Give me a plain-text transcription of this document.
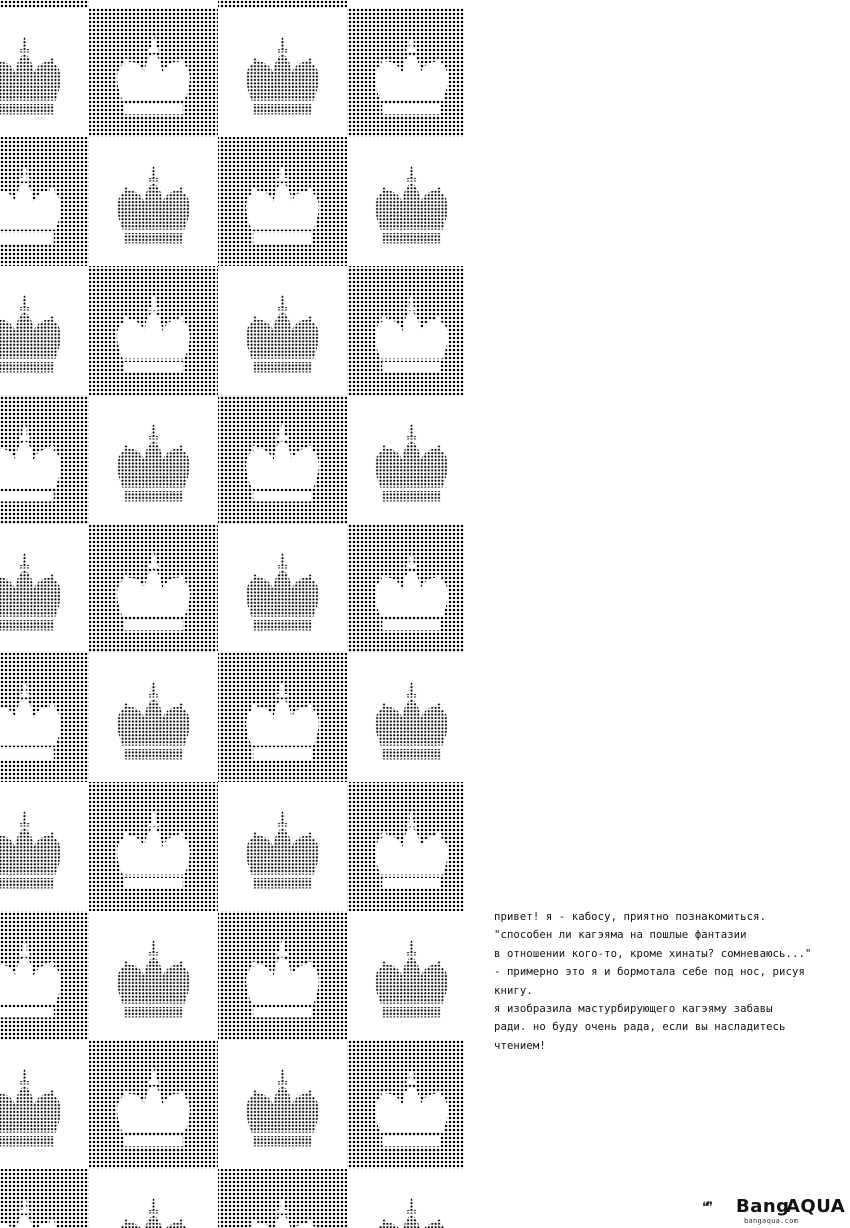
привет! я - кабосу, приятно познакомиться.
"способен ли кагэяма на пошлые фантазии
в отношении кого-то, кроме хинаты? сомневаюсь..."
- примерно это я и бормотала себе под нос, рисуя
книгу.
я изобразила мастурбирующего кагэяму забавы
ради. но буду очень рада, если вы насладитесь
чтением!
❝❞ Bang
AQUA
bangaqua.com
